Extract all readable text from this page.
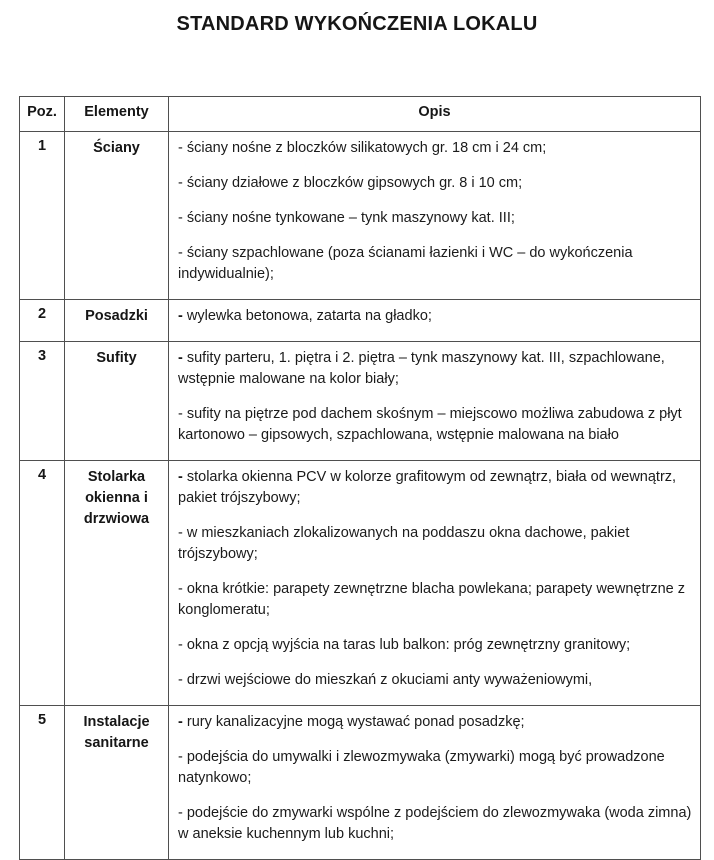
STANDARD WYKOŃCZENIA LOKALU
Poz.	Elementy	Opis
1	Ściany	- ściany nośne z bloczków silikatowych gr. 18 cm i 24 cm;

- ściany działowe z bloczków gipsowych gr. 8 i 10 cm;

- ściany nośne tynkowane – tynk maszynowy kat. III;

- ściany szpachlowane (poza ścianami łazienki i WC – do wykończenia indywidualnie);

2	Posadzki	- wylewka betonowa, zatarta na gładko;

3	Sufity	- sufity parteru, 1. piętra i 2. piętra – tynk maszynowy kat. III, szpachlowane, wstępnie malowane na kolor biały;

- sufity na piętrze pod dachem skośnym – miejscowo możliwa zabudowa z płyt kartonowo – gipsowych, szpachlowana, wstępnie malowana na biało

4	Stolarka okienna i drzwiowa	- stolarka okienna PCV w kolorze grafitowym od zewnątrz, biała od wewnątrz, pakiet trójszybowy;

- w mieszkaniach zlokalizowanych na poddaszu okna dachowe, pakiet trójszybowy;

- okna krótkie: parapety zewnętrzne blacha powlekana; parapety wewnętrzne z konglomeratu;

- okna z opcją wyjścia na taras lub balkon: próg zewnętrzny granitowy;

- drzwi wejściowe do mieszkań z okuciami anty wyważeniowymi,

5	Instalacje sanitarne	- rury kanalizacyjne mogą wystawać ponad posadzkę;

- podejścia do umywalki i zlewozmywaka (zmywarki) mogą być prowadzone natynkowo;

- podejście do zmywarki wspólne z podejściem do zlewozmywaka (woda zimna) w aneksie kuchennym lub kuchni;
